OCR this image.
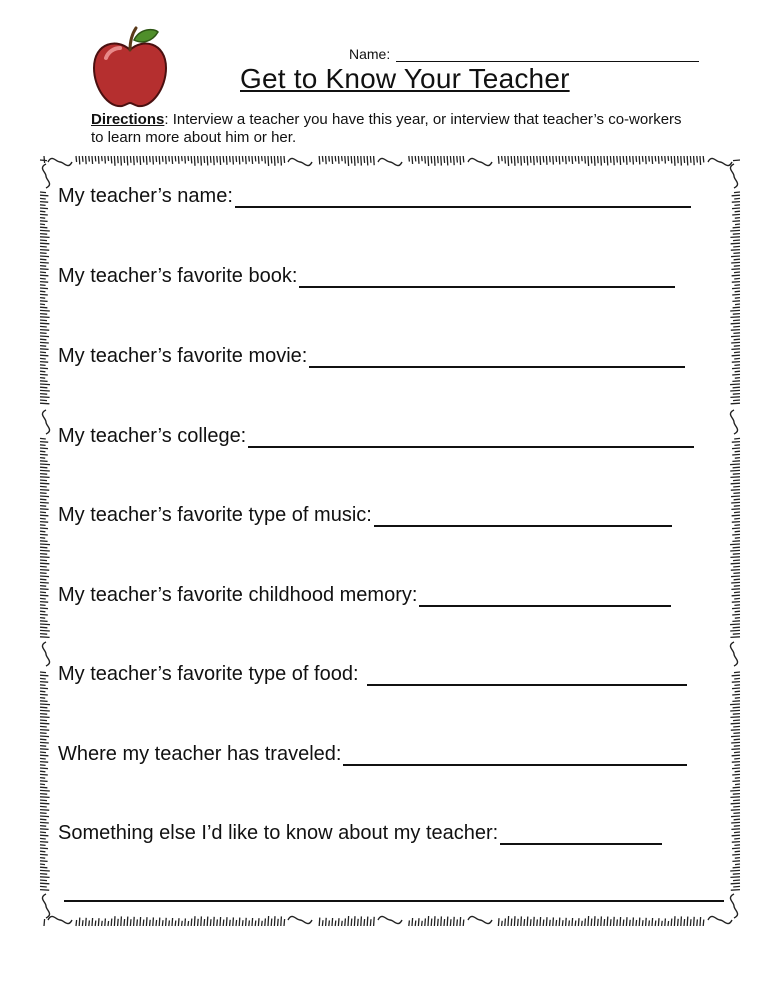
Name:
Get to Know Your Teacher
Directions: Interview a teacher you have this year, or interview that teacher’s co-workers to learn more about him or her.
My teacher’s name:
My teacher’s favorite book:
My teacher’s favorite movie:
My teacher’s college:
My teacher’s favorite type of music:
My teacher’s favorite childhood memory:
My teacher’s favorite type of food:
Where my teacher has traveled:
Something else I’d like to know about my teacher:
